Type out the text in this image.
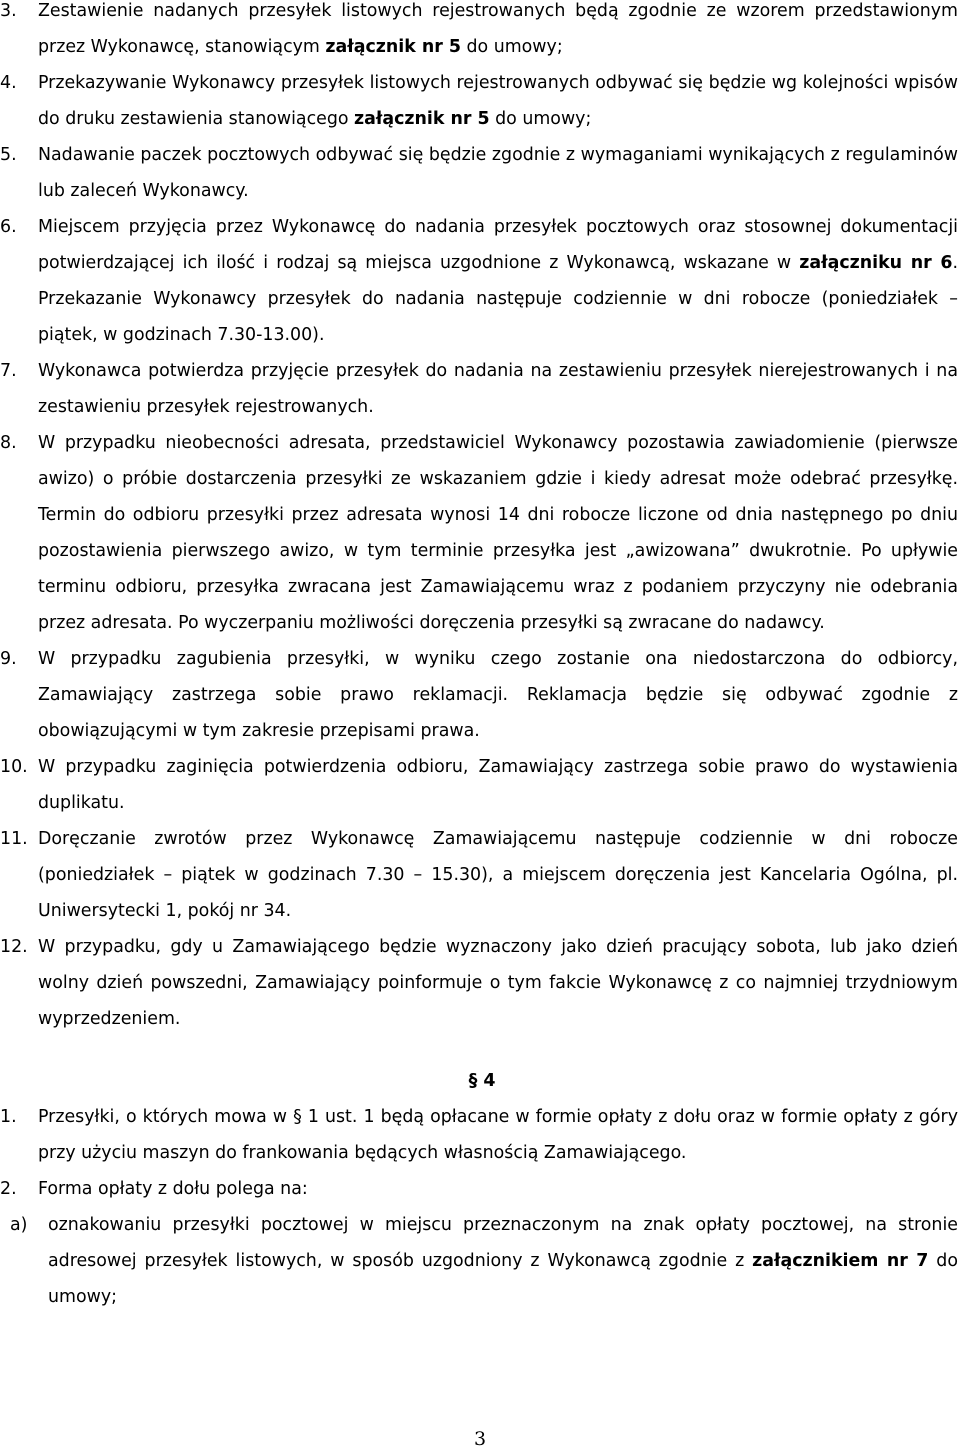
3. Zestawienie nadanych przesyłek listowych rejestrowanych będą zgodnie ze wzorem przedstawionym przez Wykonawcę, stanowiącym załącznik nr 5 do umowy;
4. Przekazywanie Wykonawcy przesyłek listowych rejestrowanych odbywać się będzie wg kolejności wpisów do druku zestawienia stanowiącego załącznik nr 5 do umowy;
5. Nadawanie paczek pocztowych odbywać się będzie zgodnie z wymaganiami wynikających z regulaminów lub zaleceń Wykonawcy.
6. Miejscem przyjęcia przez Wykonawcę do nadania przesyłek pocztowych oraz stosownej dokumentacji potwierdzającej ich ilość i rodzaj są miejsca uzgodnione z Wykonawcą, wskazane w załączniku nr 6. Przekazanie Wykonawcy przesyłek do nadania następuje codziennie w dni robocze (poniedziałek – piątek, w godzinach 7.30-13.00).
7. Wykonawca potwierdza przyjęcie przesyłek do nadania na zestawieniu przesyłek nierejestrowanych i na zestawieniu przesyłek rejestrowanych.
8. W przypadku nieobecności adresata, przedstawiciel Wykonawcy pozostawia zawiadomienie (pierwsze awizo) o próbie dostarczenia przesyłki ze wskazaniem gdzie i kiedy adresat może odebrać przesyłkę. Termin do odbioru przesyłki przez adresata wynosi 14 dni robocze liczone od dnia następnego po dniu pozostawienia pierwszego awizo, w tym terminie przesyłka jest „awizowana” dwukrotnie. Po upływie terminu odbioru, przesyłka zwracana jest Zamawiającemu wraz z podaniem przyczyny nie odebrania przez adresata. Po wyczerpaniu możliwości doręczenia przesyłki są zwracane do nadawcy.
9. W przypadku zagubienia przesyłki, w wyniku czego zostanie ona niedostarczona do odbiorcy, Zamawiający zastrzega sobie prawo reklamacji. Reklamacja będzie się odbywać zgodnie z obowiązującymi w tym zakresie przepisami prawa.
10. W przypadku zaginięcia potwierdzenia odbioru, Zamawiający zastrzega sobie prawo do wystawienia duplikatu.
11. Doręczanie zwrotów przez Wykonawcę Zamawiającemu następuje codziennie w dni robocze (poniedziałek – piątek w godzinach 7.30 – 15.30), a miejscem doręczenia jest Kancelaria Ogólna, pl. Uniwersytecki 1, pokój nr 34.
12. W przypadku, gdy u Zamawiającego będzie wyznaczony jako dzień pracujący sobota, lub jako dzień wolny dzień powszedni, Zamawiający poinformuje o tym fakcie Wykonawcę z co najmniej trzydniowym wyprzedzeniem.
§ 4
1. Przesyłki, o których mowa w § 1 ust. 1 będą opłacane w formie opłaty z dołu oraz w formie opłaty z góry przy użyciu maszyn do frankowania będących własnością Zamawiającego.
2. Forma opłaty z dołu polega na:
a) oznakowaniu przesyłki pocztowej w miejscu przeznaczonym na znak opłaty pocztowej, na stronie adresowej przesyłek listowych, w sposób uzgodniony z Wykonawcą zgodnie z załącznikiem nr 7 do umowy;
3
